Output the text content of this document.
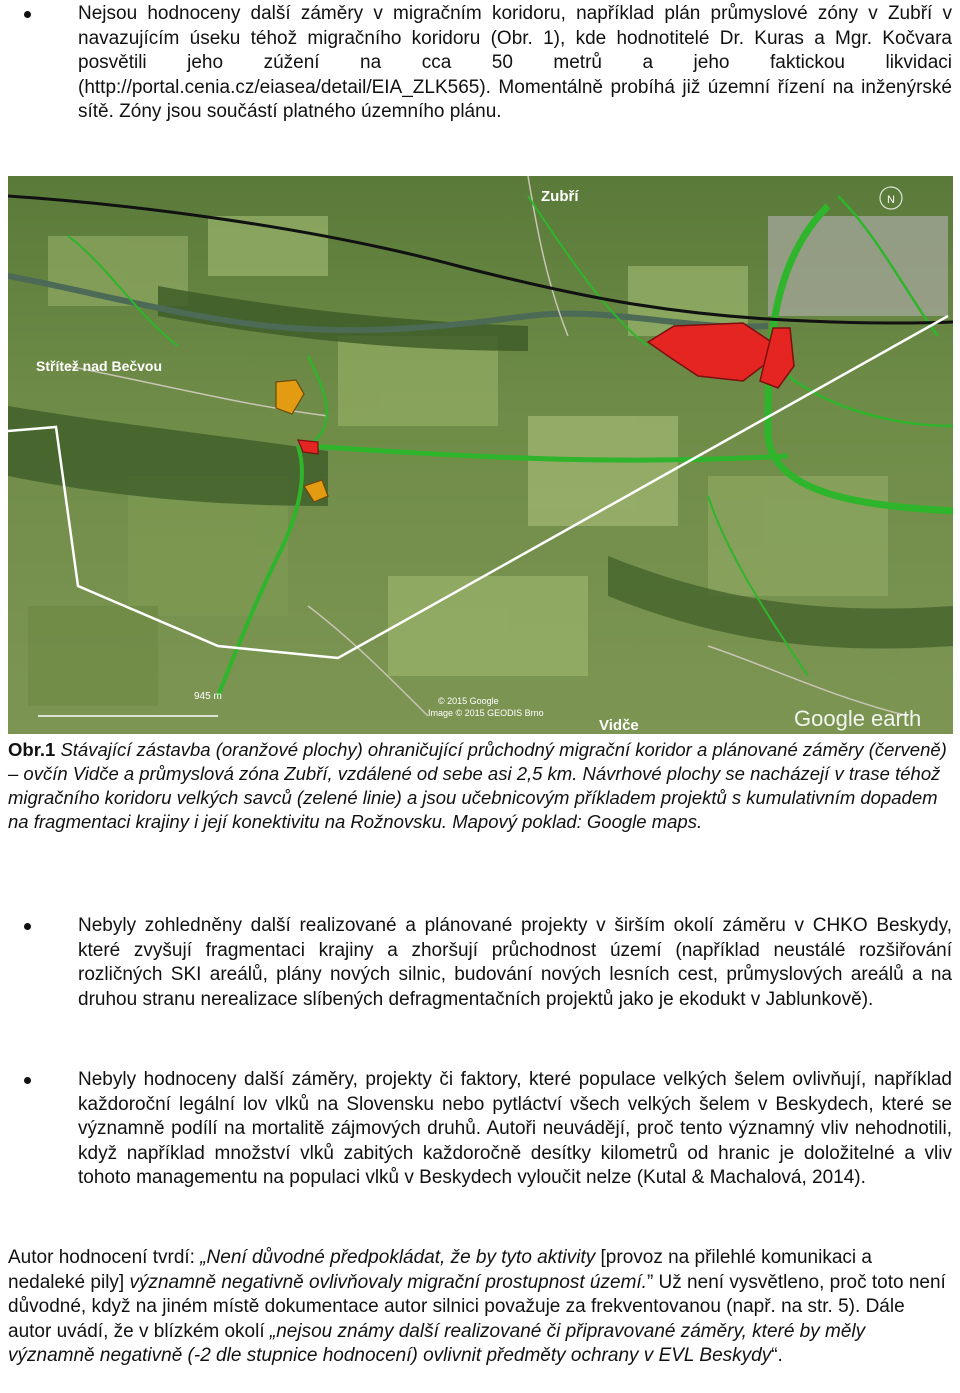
Nejsou hodnoceny další záměry v migračním koridoru, například plán průmyslové zóny v Zubří v navazujícím úseku téhož migračního koridoru (Obr. 1), kde hodnotitelé Dr. Kuras a Mgr. Kočvara posvětili jeho zúžení na cca 50 metrů a jeho faktickou likvidaci (http://portal.cenia.cz/eiasea/detail/EIA_ZLK565). Momentálně probíhá již územní řízení na inženýrské sítě. Zóny jsou součástí platného územního plánu.
Zubří
Střítež nad Bečvou
Vidče
945 m	© 2015 Google
Image © 2015 GEODIS Brno	Google earth
N
Obr.1 Stávající zástavba (oranžové plochy) ohraničující průchodný migrační koridor a plánované záměry (červeně) – ovčín Vidče a průmyslová zóna Zubří, vzdálené od sebe asi 2,5 km. Návrhové plochy se nacházejí v trase téhož migračního koridoru velkých savců (zelené linie) a jsou učebnicovým příkladem projektů s kumulativním dopadem na fragmentaci krajiny i její konektivitu na Rožnovsku. Mapový poklad: Google maps.
Nebyly zohledněny další realizované a plánované projekty v širším okolí záměru v CHKO Beskydy, které zvyšují fragmentaci krajiny a zhoršují průchodnost území (například neustálé rozšiřování rozličných SKI areálů, plány nových silnic, budování nových lesních cest, průmyslových areálů a na druhou stranu nerealizace slíbených defragmentačních projektů jako je ekodukt v Jablunkově).
Nebyly hodnoceny další záměry, projekty či faktory, které populace velkých šelem ovlivňují, například každoroční legální lov vlků na Slovensku nebo pytláctví všech velkých šelem v Beskydech, které se významně podílí na mortalitě zájmových druhů. Autoři neuvádějí, proč tento významný vliv nehodnotili, když například množství vlků zabitých každoročně desítky kilometrů od hranic je doložitelné a vliv tohoto managementu na populaci vlků v Beskydech vyloučit nelze (Kutal & Machalová, 2014).
Autor hodnocení tvrdí: „Není důvodné předpokládat, že by tyto aktivity [provoz na přilehlé komunikaci a nedaleké pily] významně negativně ovlivňovaly migrační prostupnost území.” Už není vysvětleno, proč toto není důvodné, když na jiném místě dokumentace autor silnici považuje za frekventovanou (např. na str. 5). Dále autor uvádí, že v blízkém okolí „nejsou známy další realizované či připravované záměry, které by měly významně negativně (-2 dle stupnice hodnocení) ovlivnit předměty ochrany v EVL Beskydy“.
